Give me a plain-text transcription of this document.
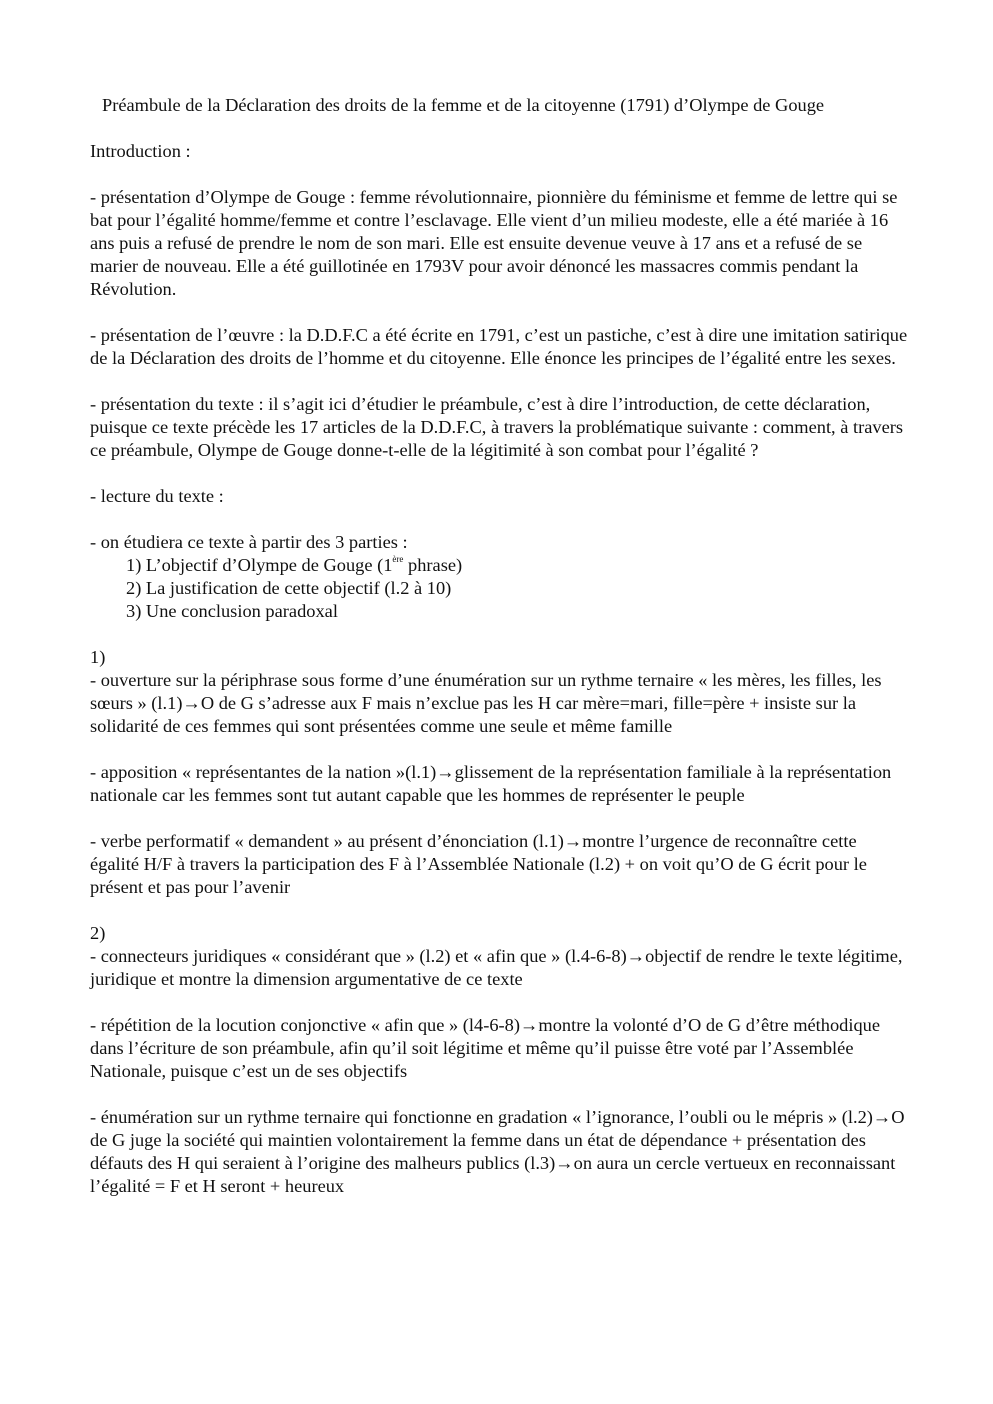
Préambule de la Déclaration des droits de la femme et de la citoyenne (1791) d’Olympe de Gouge
Introduction :
- présentation d’Olympe de Gouge : femme révolutionnaire, pionnière du féminisme et femme de lettre qui se bat pour l’égalité homme/femme et contre l’esclavage. Elle vient d’un milieu modeste, elle a été mariée à 16 ans puis a refusé de prendre le nom de son mari. Elle est ensuite devenue veuve à 17 ans et a refusé de se marier de nouveau. Elle a été guillotinée en 1793V pour avoir dénoncé les massacres commis pendant la Révolution.
- présentation de l’œuvre : la D.D.F.C a été écrite en 1791, c’est un pastiche, c’est à dire une imitation satirique de la Déclaration des droits de l’homme et du citoyenne. Elle énonce les principes de l’égalité entre les sexes.
- présentation du texte : il s’agit ici d’étudier le préambule, c’est à dire l’introduction, de cette déclaration, puisque ce texte précède les 17 articles de la D.D.F.C, à travers la problématique suivante : comment, à travers ce préambule, Olympe de Gouge donne-t-elle de la légitimité à son combat pour l’égalité ?
- lecture du texte :
- on étudiera ce texte à partir des 3 parties :
1) L’objectif d’Olympe de Gouge (1ère phrase)
2) La justification de cette objectif (l.2 à 10)
3) Une conclusion paradoxal
1)
- ouverture sur la périphrase sous forme d’une énumération sur un rythme ternaire « les mères, les filles, les sœurs » (l.1)→O de G s’adresse aux F mais n’exclue pas les H car mère=mari, fille=père + insiste sur la solidarité de ces femmes qui sont présentées comme une seule et même famille
- apposition « représentantes de la nation »(l.1)→glissement de la représentation familiale à la représentation nationale car les femmes sont tut autant capable que les hommes de représenter le peuple
- verbe performatif « demandent » au présent d’énonciation (l.1)→montre l’urgence de reconnaître cette égalité H/F à travers la participation des F à l’Assemblée Nationale (l.2) + on voit qu’O de G écrit pour le présent et pas pour l’avenir
2)
- connecteurs juridiques « considérant que » (l.2) et « afin que » (l.4-6-8)→objectif de rendre le texte légitime, juridique et montre la dimension argumentative de ce texte
- répétition de la locution conjonctive « afin que » (l4-6-8)→montre la volonté d’O de G d’être méthodique dans l’écriture de son préambule, afin qu’il soit légitime et même qu’il puisse être voté par l’Assemblée Nationale, puisque c’est un de ses objectifs
- énumération sur un rythme ternaire qui fonctionne en gradation « l’ignorance, l’oubli ou le mépris » (l.2)→O de G juge la société qui maintien volontairement la femme dans un état de dépendance + présentation des défauts des H qui seraient à l’origine des malheurs publics (l.3)→on aura un cercle vertueux en reconnaissant l’égalité = F et H seront + heureux
